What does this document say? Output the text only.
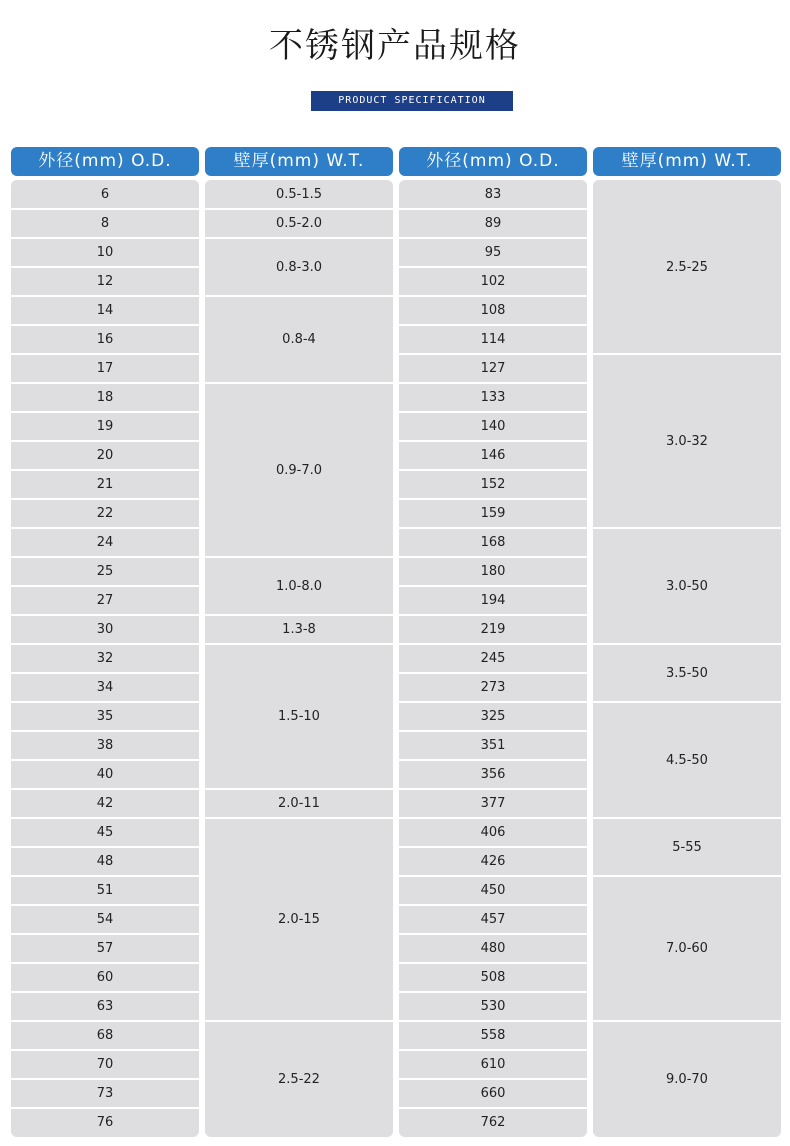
不锈钢产品规格
PRODUCT SPECIFICATION
外径(mm) O.D.
6
8
10
12
14
16
17
18
19
20
21
22
24
25
27
30
32
34
35
38
40
42
45
48
51
54
57
60
63
68
70
73
76
壁厚(mm) W.T.
0.5-1.5
0.5-2.0
0.8-3.0
0.8-4
0.9-7.0
1.0-8.0
1.3-8
1.5-10
2.0-11
2.0-15
2.5-22
外径(mm) O.D.
83
89
95
102
108
114
127
133
140
146
152
159
168
180
194
219
245
273
325
351
356
377
406
426
450
457
480
508
530
558
610
660
762
壁厚(mm) W.T.
2.5-25
3.0-32
3.0-50
3.5-50
4.5-50
5-55
7.0-60
9.0-70
